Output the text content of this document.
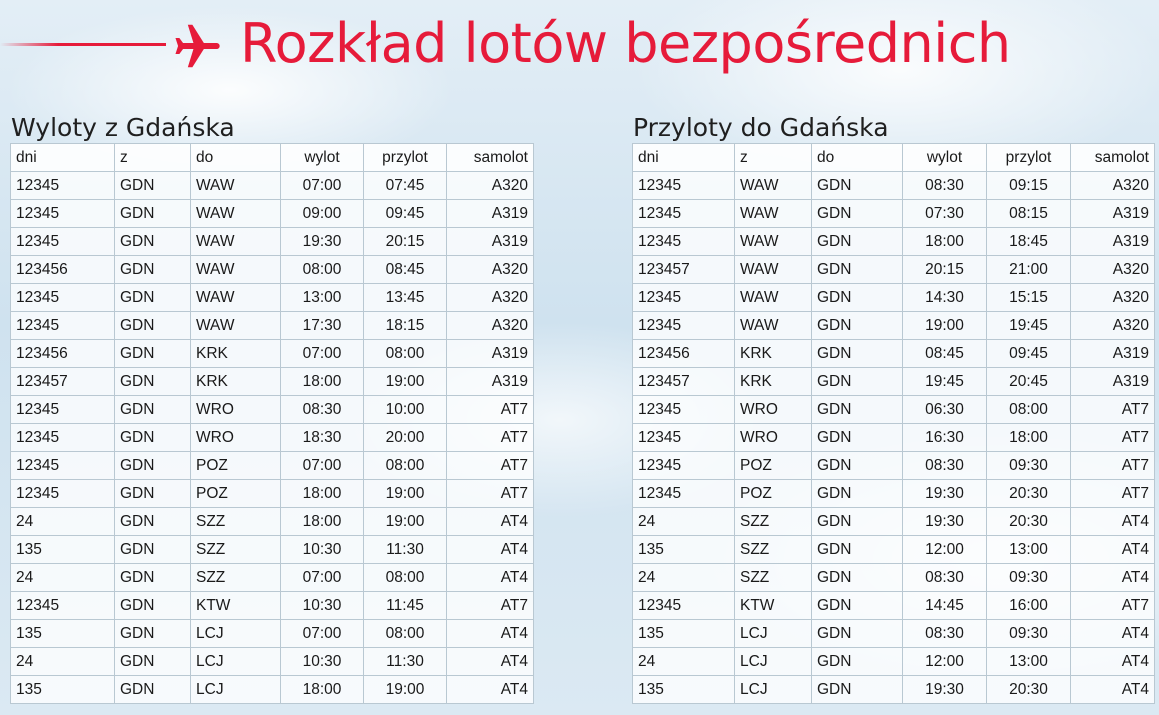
Rozkład lotów bezpośrednich
Wyloty z Gdańska
dni	z	do	wylot	przylot	samolot
12345	GDN	WAW	07:00	07:45	A320
12345	GDN	WAW	09:00	09:45	A319
12345	GDN	WAW	19:30	20:15	A319
123456	GDN	WAW	08:00	08:45	A320
12345	GDN	WAW	13:00	13:45	A320
12345	GDN	WAW	17:30	18:15	A320
123456	GDN	KRK	07:00	08:00	A319
123457	GDN	KRK	18:00	19:00	A319
12345	GDN	WRO	08:30	10:00	AT7
12345	GDN	WRO	18:30	20:00	AT7
12345	GDN	POZ	07:00	08:00	AT7
12345	GDN	POZ	18:00	19:00	AT7
24	GDN	SZZ	18:00	19:00	AT4
135	GDN	SZZ	10:30	11:30	AT4
24	GDN	SZZ	07:00	08:00	AT4
12345	GDN	KTW	10:30	11:45	AT7
135	GDN	LCJ	07:00	08:00	AT4
24	GDN	LCJ	10:30	11:30	AT4
135	GDN	LCJ	18:00	19:00	AT4
Przyloty do Gdańska
dni	z	do	wylot	przylot	samolot
12345	WAW	GDN	08:30	09:15	A320
12345	WAW	GDN	07:30	08:15	A319
12345	WAW	GDN	18:00	18:45	A319
123457	WAW	GDN	20:15	21:00	A320
12345	WAW	GDN	14:30	15:15	A320
12345	WAW	GDN	19:00	19:45	A320
123456	KRK	GDN	08:45	09:45	A319
123457	KRK	GDN	19:45	20:45	A319
12345	WRO	GDN	06:30	08:00	AT7
12345	WRO	GDN	16:30	18:00	AT7
12345	POZ	GDN	08:30	09:30	AT7
12345	POZ	GDN	19:30	20:30	AT7
24	SZZ	GDN	19:30	20:30	AT4
135	SZZ	GDN	12:00	13:00	AT4
24	SZZ	GDN	08:30	09:30	AT4
12345	KTW	GDN	14:45	16:00	AT7
135	LCJ	GDN	08:30	09:30	AT4
24	LCJ	GDN	12:00	13:00	AT4
135	LCJ	GDN	19:30	20:30	AT4
